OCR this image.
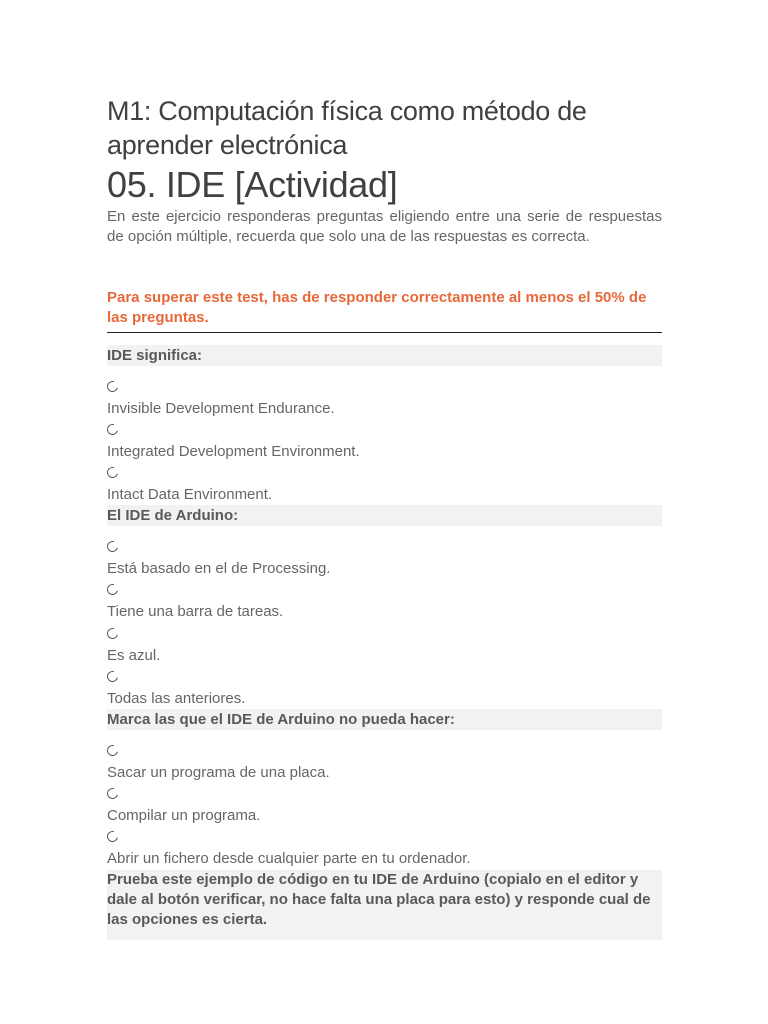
M1: Computación física como método de aprender electrónica
05. IDE [Actividad]

En este ejercicio responderas preguntas eligiendo entre una serie de respuestas de opción múltiple, recuerda que solo una de las respuestas es correcta.

Para superar este test, has de responder correctamente al menos el 50% de las preguntas.

IDE significa:

Invisible Development Endurance.

Integrated Development Environment.

Intact Data Environment.

El IDE de Arduino:

Está basado en el de Processing.

Tiene una barra de tareas.

Es azul.

Todas las anteriores.

Marca las que el IDE de Arduino no pueda hacer:

Sacar un programa de una placa.

Compilar un programa.

Abrir un fichero desde cualquier parte en tu ordenador.

Prueba este ejemplo de código en tu IDE de Arduino (copialo en el editor y dale al botón verificar, no hace falta una placa para esto) y responde cual de las opciones es cierta.
